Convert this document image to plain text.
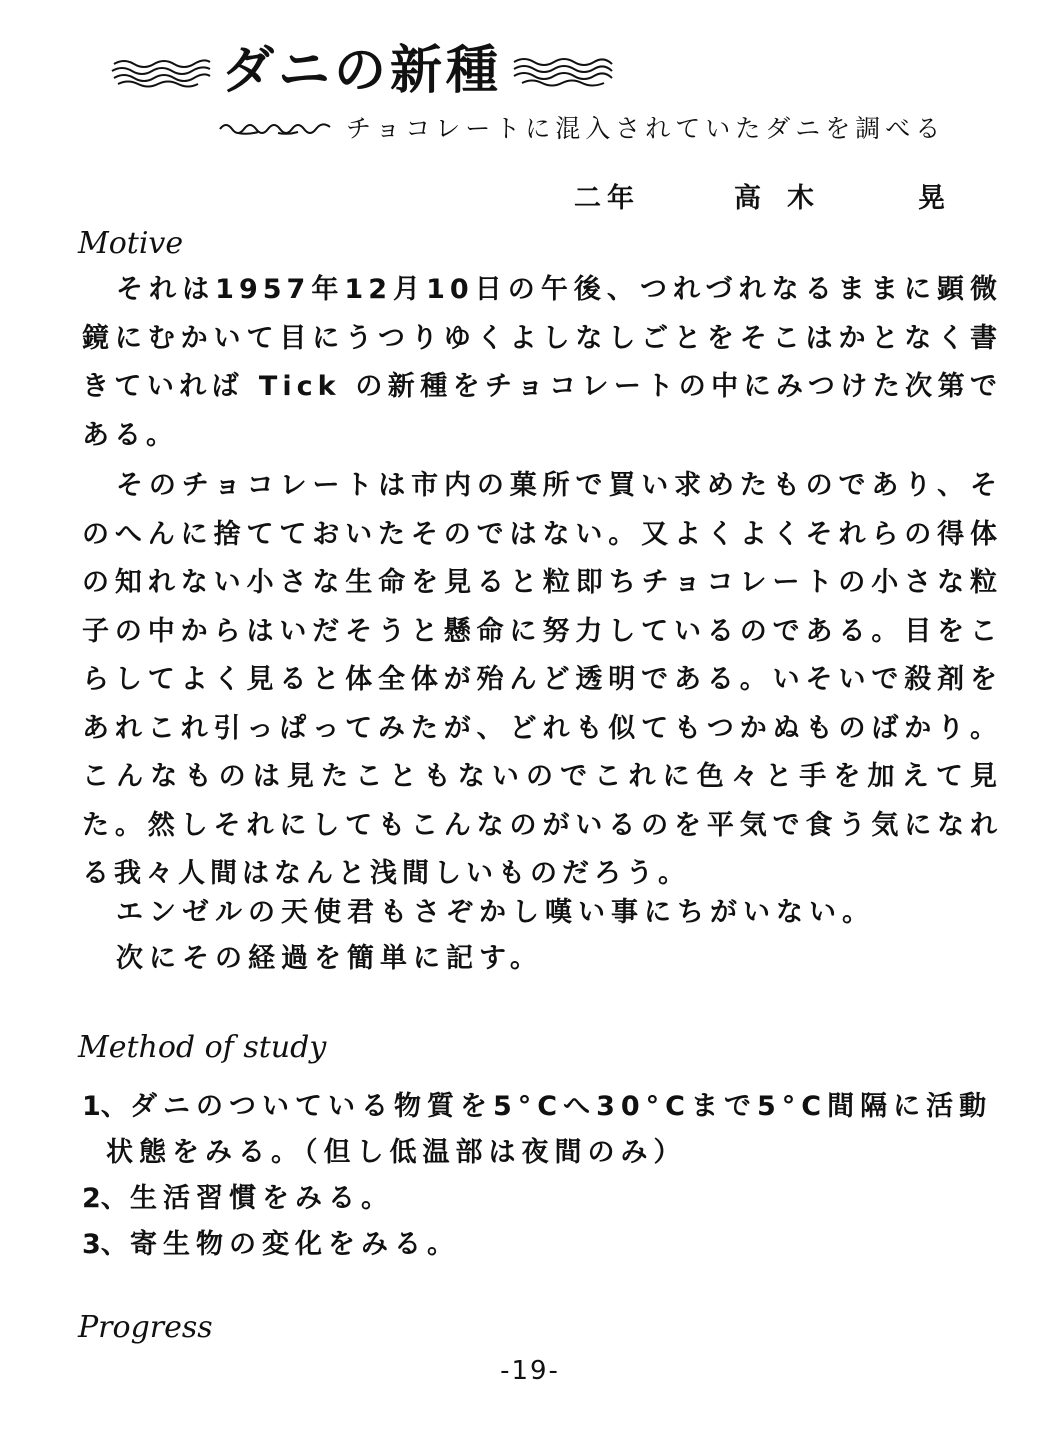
ダニの新種
チョコレートに混入されていたダニを調べる
二年	高木	晃
Motive
それは1957年12月10日の午後、つれづれなるままに顕微鏡にむかいて目にうつりゆくよしなしごとをそこはかとなく書きていれば Tick の新種をチョコレートの中にみつけた次第である。
そのチョコレートは市内の菓所で買い求めたものであり、そのへんに捨てておいたそのではない。又よくよくそれらの得体の知れない小さな生命を見ると粒即ちチョコレートの小さな粒子の中からはいだそうと懸命に努力しているのである。目をこらしてよく見ると体全体が殆んど透明である。いそいで殺剤をあれこれ引っぱってみたが、どれも似てもつかぬものばかり。こんなものは見たこともないのでこれに色々と手を加えて見た。然しそれにしてもこんなのがいるのを平気で食う気になれる我々人間はなんと浅間しいものだろう。
エンゼルの天使君もさぞかし嘆い事にちがいない。
次にその経過を簡単に記す。
Method of study
1、ダニのついている物質を5°Cへ30°Cまで5°C間隔に活動
状態をみる。（但し低温部は夜間のみ）
2、生活習慣をみる。
3、寄生物の変化をみる。
Progress
-19-
